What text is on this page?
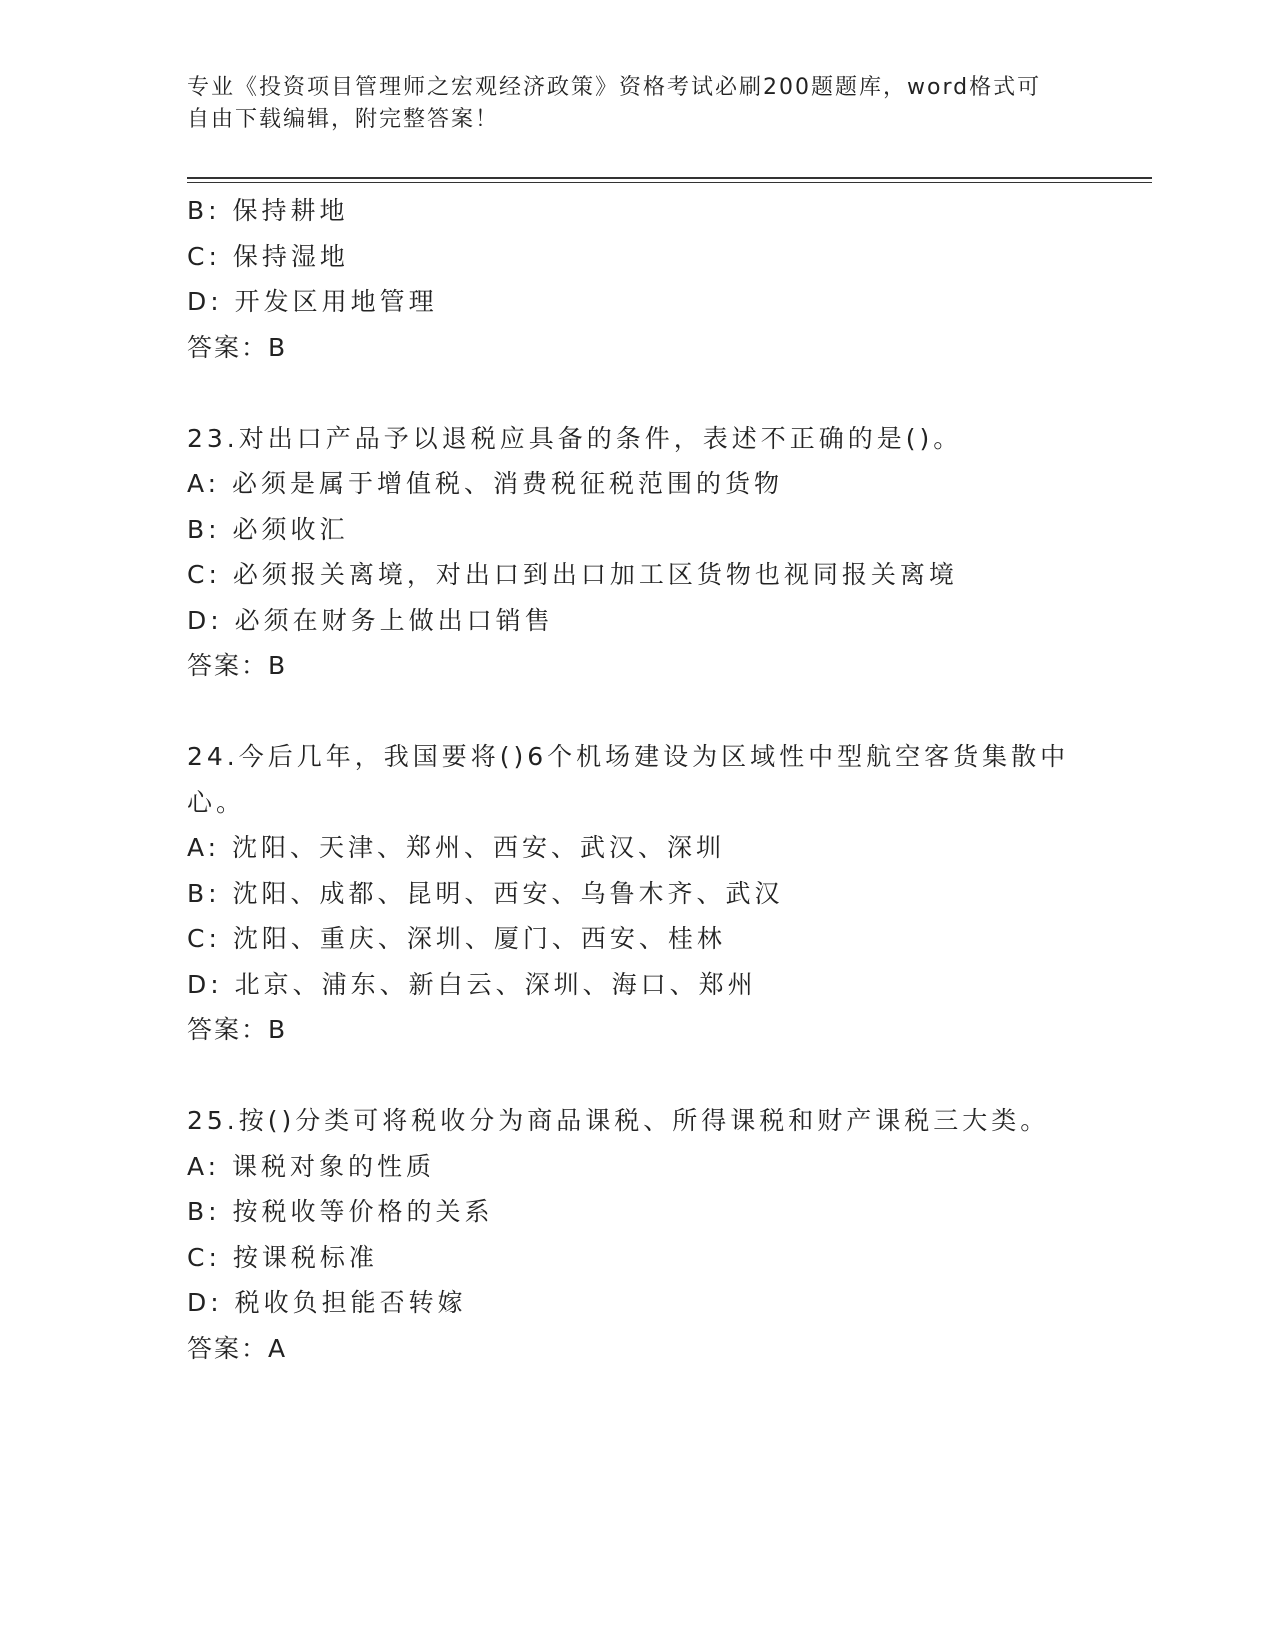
专业《投资项目管理师之宏观经济政策》资格考试必刷200题题库，word格式可
自由下载编辑，附完整答案！
B: 保持耕地
C: 保持湿地
D: 开发区用地管理
答案：B
23.对出口产品予以退税应具备的条件，表述不正确的是()。
A: 必须是属于增值税、消费税征税范围的货物
B: 必须收汇
C: 必须报关离境，对出口到出口加工区货物也视同报关离境
D: 必须在财务上做出口销售
答案：B
24.今后几年，我国要将()6个机场建设为区域性中型航空客货集散中
心。
A: 沈阳、天津、郑州、西安、武汉、深圳
B: 沈阳、成都、昆明、西安、乌鲁木齐、武汉
C: 沈阳、重庆、深圳、厦门、西安、桂林
D: 北京、浦东、新白云、深圳、海口、郑州
答案：B
25.按()分类可将税收分为商品课税、所得课税和财产课税三大类。
A: 课税对象的性质
B: 按税收等价格的关系
C: 按课税标准
D: 税收负担能否转嫁
答案：A
